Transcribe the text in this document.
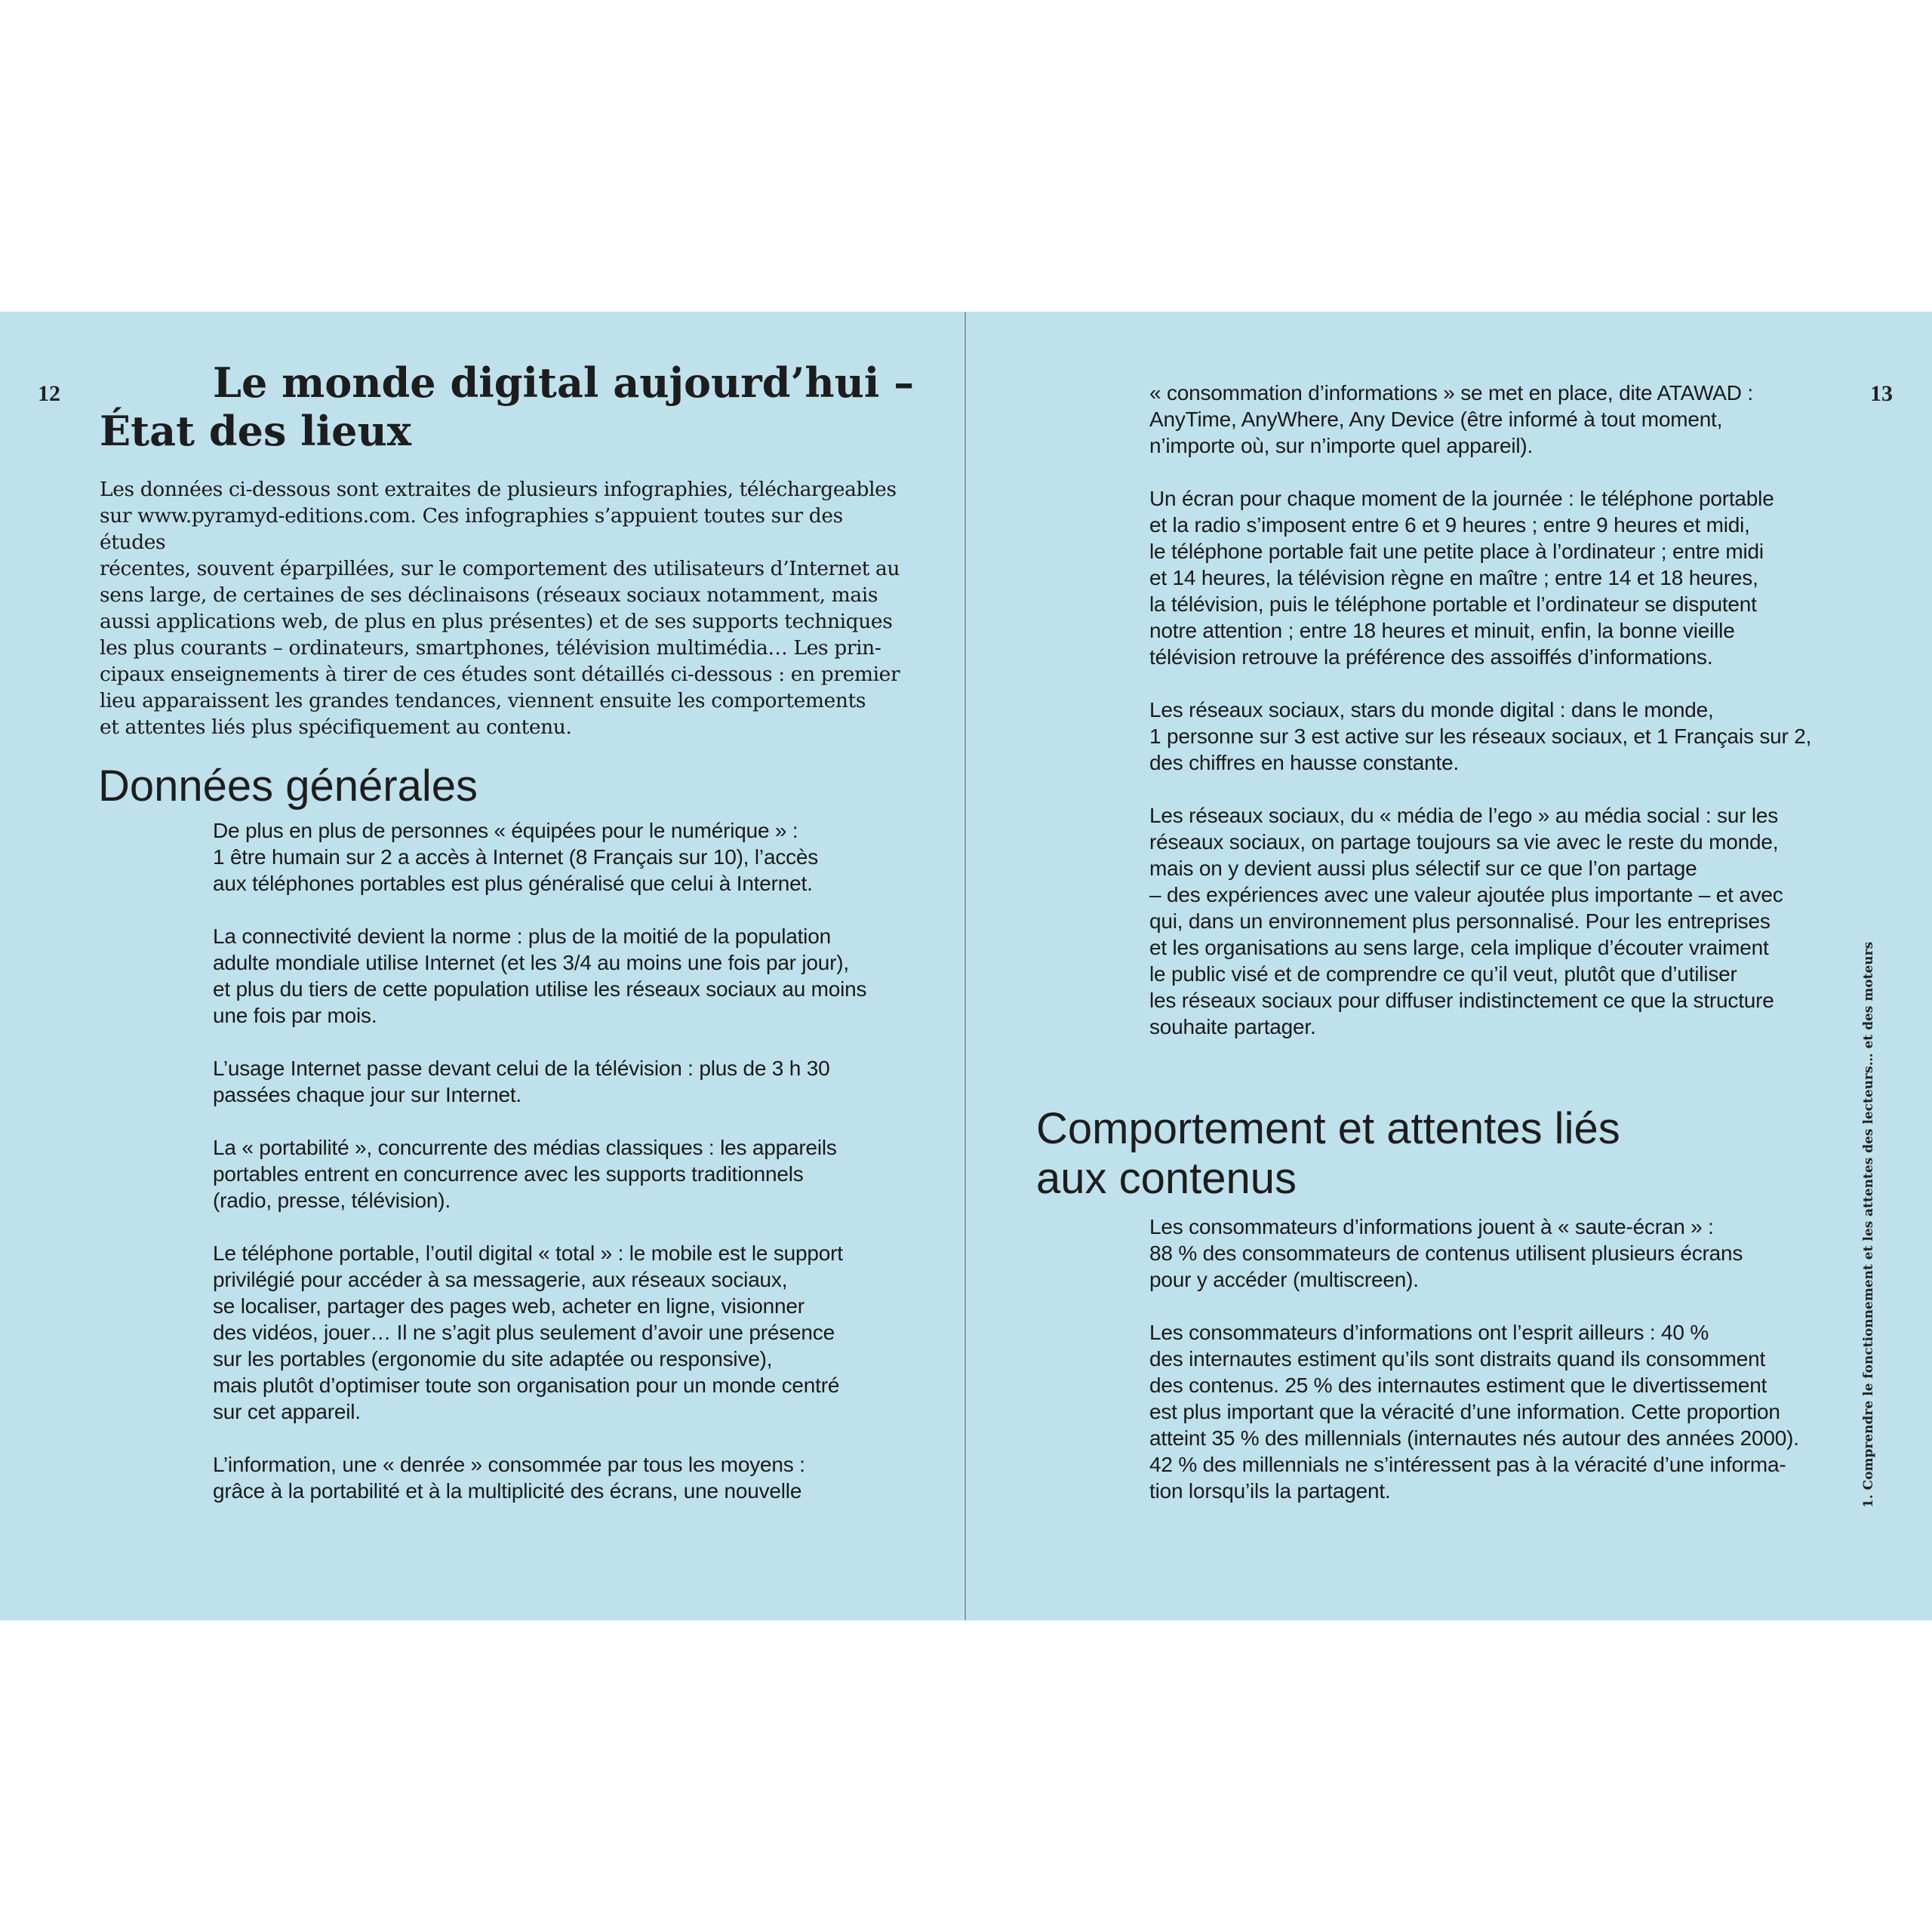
12	Le monde digital aujourd’hui –
État des lieux

Les données ci-dessous sont extraites de plusieurs infographies, téléchargeables
sur www.pyramyd-editions.com. Ces infographies s’appuient toutes sur des études
récentes, souvent éparpillées, sur le comportement des utilisateurs d’Internet au
sens large, de certaines de ses déclinaisons (réseaux sociaux notamment, mais
aussi applications web, de plus en plus présentes) et de ses supports techniques
les plus courants – ordinateurs, smartphones, télévision multimédia… Les prin-
cipaux enseignements à tirer de ces études sont détaillés ci-dessous : en premier
lieu apparaissent les grandes tendances, viennent ensuite les comportements
et attentes liés plus spécifiquement au contenu.

Données générales

De plus en plus de personnes « équipées pour le numérique » :
1 être humain sur 2 a accès à Internet (8 Français sur 10), l’accès
aux téléphones portables est plus généralisé que celui à Internet.

La connectivité devient la norme : plus de la moitié de la population
adulte mondiale utilise Internet (et les 3/4 au moins une fois par jour),
et plus du tiers de cette population utilise les réseaux sociaux au moins
une fois par mois.

L’usage Internet passe devant celui de la télévision : plus de 3 h 30
passées chaque jour sur Internet.

La « portabilité », concurrente des médias classiques : les appareils
portables entrent en concurrence avec les supports traditionnels
(radio, presse, télévision).

Le téléphone portable, l’outil digital « total » : le mobile est le support
privilégié pour accéder à sa messagerie, aux réseaux sociaux,
se localiser, partager des pages web, acheter en ligne, visionner
des vidéos, jouer… Il ne s’agit plus seulement d’avoir une présence
sur les portables (ergonomie du site adaptée ou responsive),
mais plutôt d’optimiser toute son organisation pour un monde centré
sur cet appareil.

L’information, une « denrée » consommée par tous les moyens :
grâce à la portabilité et à la multiplicité des écrans, une nouvelle

13

« consommation d’informations » se met en place, dite ATAWAD :
AnyTime, AnyWhere, Any Device (être informé à tout moment,
n’importe où, sur n’importe quel appareil).

Un écran pour chaque moment de la journée : le téléphone portable
et la radio s’imposent entre 6 et 9 heures ; entre 9 heures et midi,
le téléphone portable fait une petite place à l’ordinateur ; entre midi
et 14 heures, la télévision règne en maître ; entre 14 et 18 heures,
la télévision, puis le téléphone portable et l’ordinateur se disputent
notre attention ; entre 18 heures et minuit, enfin, la bonne vieille
télévision retrouve la préférence des assoiffés d’informations.

Les réseaux sociaux, stars du monde digital : dans le monde,
1 personne sur 3 est active sur les réseaux sociaux, et 1 Français sur 2,
des chiffres en hausse constante.

Les réseaux sociaux, du « média de l’ego » au média social : sur les
réseaux sociaux, on partage toujours sa vie avec le reste du monde,
mais on y devient aussi plus sélectif sur ce que l’on partage
– des expériences avec une valeur ajoutée plus importante – et avec
qui, dans un environnement plus personnalisé. Pour les entreprises
et les organisations au sens large, cela implique d’écouter vraiment
le public visé et de comprendre ce qu’il veut, plutôt que d’utiliser
les réseaux sociaux pour diffuser indistinctement ce que la structure
souhaite partager.

Comportement et attentes liés
aux contenus

Les consommateurs d’informations jouent à « saute-écran » :
88 % des consommateurs de contenus utilisent plusieurs écrans
pour y accéder (multiscreen).

Les consommateurs d’informations ont l’esprit ailleurs : 40 %
des internautes estiment qu’ils sont distraits quand ils consomment
des contenus. 25 % des internautes estiment que le divertissement
est plus important que la véracité d’une information. Cette proportion
atteint 35 % des millennials (internautes nés autour des années 2000).
42 % des millennials ne s’intéressent pas à la véracité d’une informa-
tion lorsqu’ils la partagent.	1. Comprendre le fonctionnement et les attentes des lecteurs… et des moteurs
